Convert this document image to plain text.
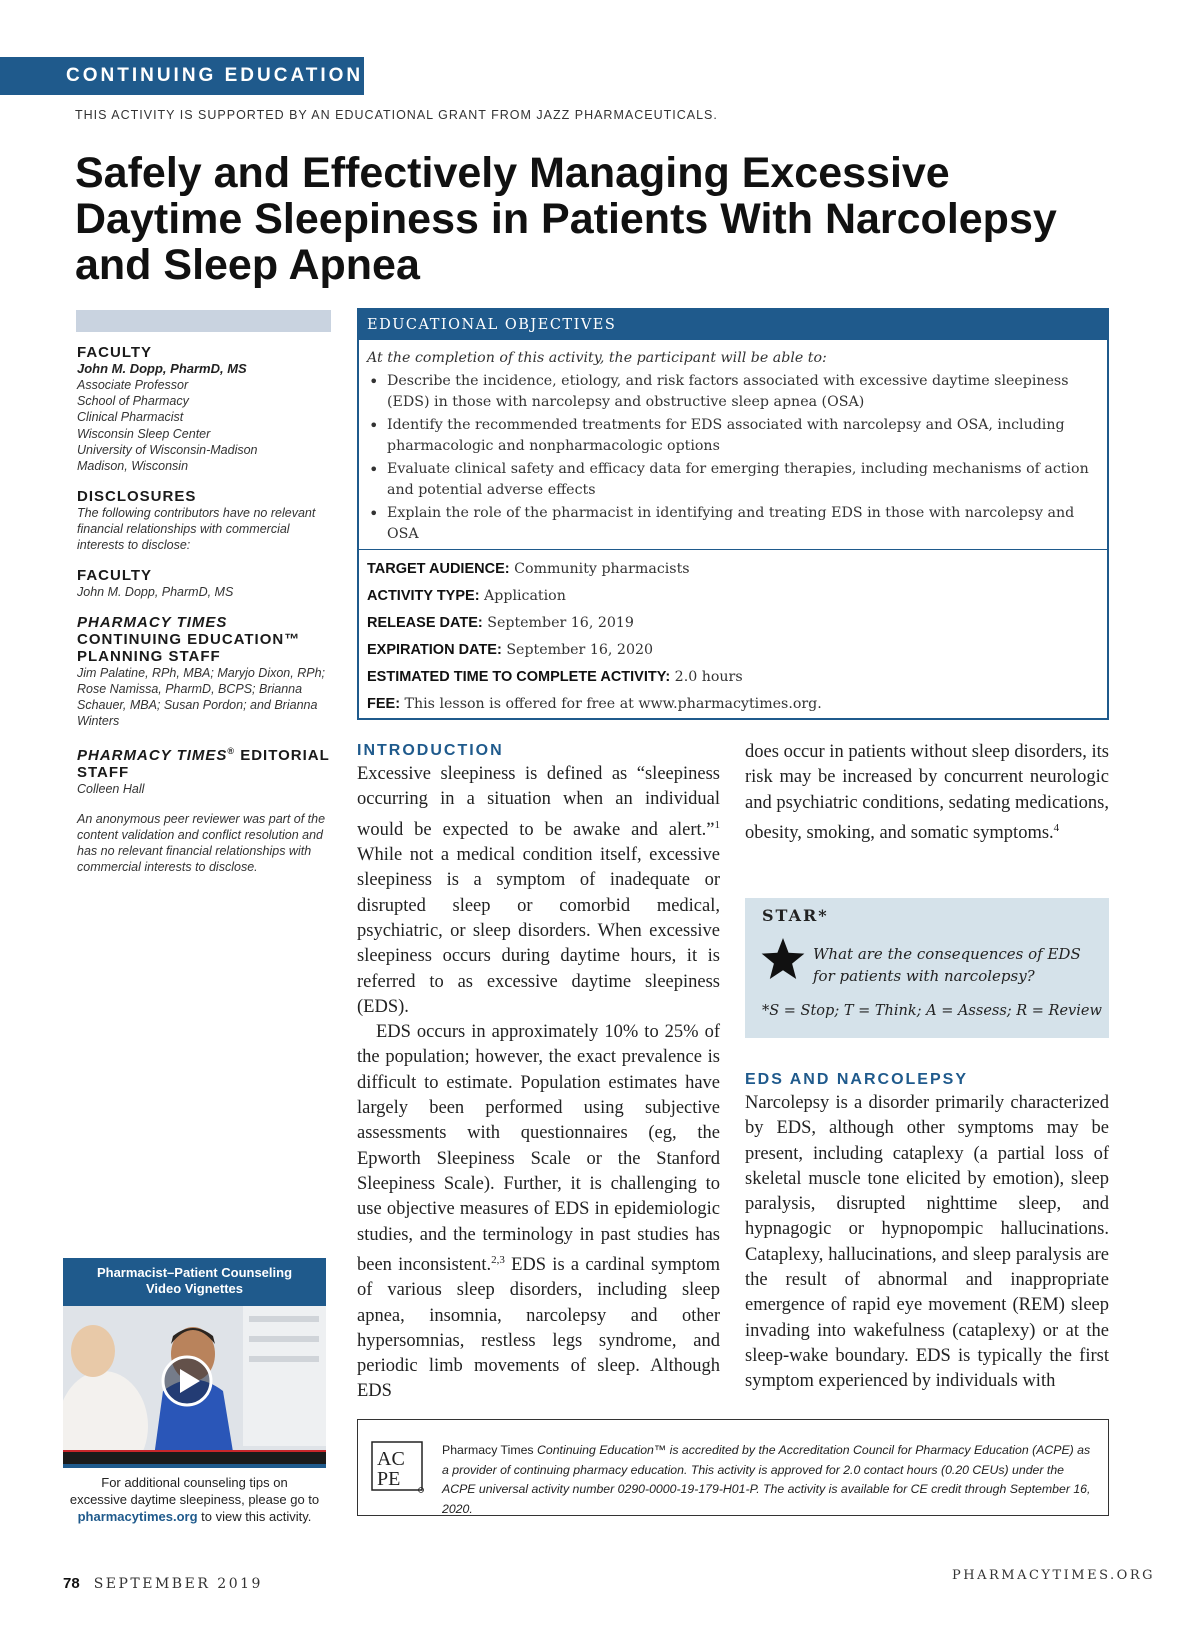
CONTINUING EDUCATION
THIS ACTIVITY IS SUPPORTED BY AN EDUCATIONAL GRANT FROM JAZZ PHARMACEUTICALS.
Safely and Effectively Managing Excessive
Daytime Sleepiness in Patients With Narcolepsy
and Sleep Apnea
FACULTY
John M. Dopp, PharmD, MS
Associate Professor
School of Pharmacy
Clinical Pharmacist
Wisconsin Sleep Center
University of Wisconsin-Madison
Madison, Wisconsin
DISCLOSURES
The following contributors have no relevant financial relationships with commercial interests to disclose:
FACULTY
John M. Dopp, PharmD, MS
PHARMACY TIMES
CONTINUING EDUCATION™
PLANNING STAFF
Jim Palatine, RPh, MBA; Maryjo Dixon, RPh; Rose Namissa, PharmD, BCPS; Brianna Schauer, MBA; Susan Pordon; and Brianna Winters
PHARMACY TIMES® EDITORIAL
STAFF
Colleen Hall
An anonymous peer reviewer was part of the content validation and conflict resolution and has no relevant financial relationships with commercial interests to disclose.
EDUCATIONAL OBJECTIVES
At the completion of this activity, the participant will be able to:
• Describe the incidence, etiology, and risk factors associated with excessive daytime sleepiness (EDS) in those with narcolepsy and obstructive sleep apnea (OSA)
• Identify the recommended treatments for EDS associated with narcolepsy and OSA, including pharmacologic and nonpharmacologic options
• Evaluate clinical safety and efficacy data for emerging therapies, including mechanisms of action and potential adverse effects
• Explain the role of the pharmacist in identifying and treating EDS in those with narcolepsy and OSA
TARGET AUDIENCE: Community pharmacists
ACTIVITY TYPE: Application
RELEASE DATE: September 16, 2019
EXPIRATION DATE: September 16, 2020
ESTIMATED TIME TO COMPLETE ACTIVITY: 2.0 hours
FEE: This lesson is offered for free at www.pharmacytimes.org.
INTRODUCTION

Excessive sleepiness is defined as “sleepiness occurring in a situation when an individual would be expected to be awake and alert.”$^1$ While not a medical condition itself, excessive sleepiness is a symptom of inadequate or disrupted sleep or comorbid medical, psychiatric, or sleep disorders. When excessive sleepiness occurs during daytime hours, it is referred to as excessive daytime sleepiness (EDS).

EDS occurs in approximately 10% to 25% of the population; however, the exact prevalence is difficult to estimate. Population estimates have largely been performed using subjective assessments with questionnaires (eg, the Epworth Sleepiness Scale or the Stanford Sleepiness Scale). Further, it is challenging to use objective measures of EDS in epidemiologic studies, and the terminology in past studies has been inconsistent.$^{2,3}$ EDS is a cardinal symptom of various sleep disorders, including sleep apnea, insomnia, narcolepsy and other hypersomnias, restless legs syndrome, and periodic limb movements of sleep. Although EDS

does occur in patients without sleep disorders, its risk may be increased by concurrent neurologic and psychiatric conditions, sedating medications, obesity, smoking, and somatic symptoms.$^4$

STAR*
What are the consequences of EDS for patients with narcolepsy?
*S = Stop; T = Think; A = Assess; R = Review
EDS AND NARCOLEPSY

Narcolepsy is a disorder primarily characterized by EDS, although other symptoms may be present, including cataplexy (a partial loss of skeletal muscle tone elicited by emotion), sleep paralysis, disrupted nighttime sleep, and hypnagogic or hypnopompic hallucinations. Cataplexy, hallucinations, and sleep paralysis are the result of abnormal and inappropriate emergence of rapid eye movement (REM) sleep invading into wakefulness (cataplexy) or at the sleep-wake boundary. EDS is typically the first symptom experienced by individuals with

Pharmacist–Patient Counseling
Video Vignettes
For additional counseling tips on
excessive daytime sleepiness, please go to
pharmacytimes.org to view this activity.
AC
PE
Pharmacy Times Continuing Education™ is accredited by the Accreditation Council for Pharmacy Education (ACPE) as a provider of continuing pharmacy education. This activity is approved for 2.0 contact hours (0.20 CEUs) under the ACPE universal activity number 0290-0000-19-179-H01-P. The activity is available for CE credit through September 16, 2020.
78 SEPTEMBER 2019
PHARMACYTIMES.ORG
